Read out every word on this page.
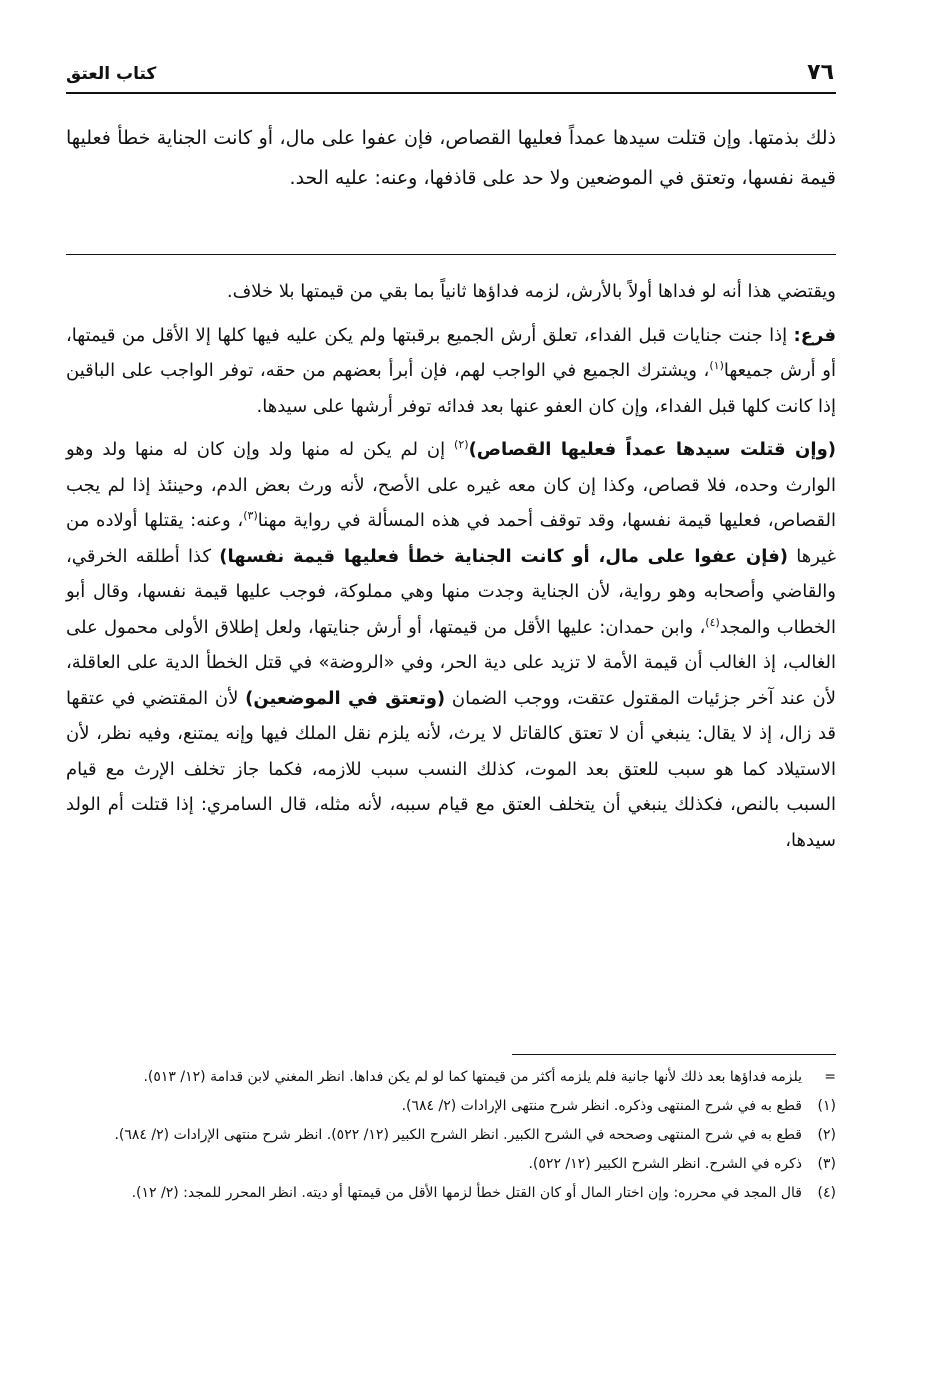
٧٦
كتاب العتق

ذلك بذمتها. وإن قتلت سيدها عمداً فعليها القصاص، فإن عفوا على مال، أو كانت الجناية خطأ فعليها قيمة نفسها، وتعتق في الموضعين ولا حد على قاذفها، وعنه: عليه الحد.

ويقتضي هذا أنه لو فداها أولاً بالأرش، لزمه فداؤها ثانياً بما بقي من قيمتها بلا خلاف.

فرع: إذا جنت جنايات قبل الفداء، تعلق أرش الجميع برقبتها ولم يكن عليه فيها كلها إلا الأقل من قيمتها، أو أرش جميعها$^{(١)}$، ويشترك الجميع في الواجب لهم، فإن أبرأ بعضهم من حقه، توفر الواجب على الباقين إذا كانت كلها قبل الفداء، وإن كان العفو عنها بعد فدائه توفر أرشها على سيدها.

(وإن قتلت سيدها عمداً فعليها القصاص)$^{(٢)}$ إن لم يكن له منها ولد وإن كان له منها ولد وهو الوارث وحده، فلا قصاص، وكذا إن كان معه غيره على الأصح، لأنه ورث بعض الدم، وحينئذ إذا لم يجب القصاص، فعليها قيمة نفسها، وقد توقف أحمد في هذه المسألة في رواية مهنا$^{(٣)}$، وعنه: يقتلها أولاده من غيرها (فإن عفوا على مال، أو كانت الجناية خطأ فعليها قيمة نفسها) كذا أطلقه الخرقي، والقاضي وأصحابه وهو رواية، لأن الجناية وجدت منها وهي مملوكة، فوجب عليها قيمة نفسها، وقال أبو الخطاب والمجد$^{(٤)}$، وابن حمدان: عليها الأقل من قيمتها، أو أرش جنايتها، ولعل إطلاق الأولى محمول على الغالب، إذ الغالب أن قيمة الأمة لا تزيد على دية الحر، وفي «الروضة» في قتل الخطأ الدية على العاقلة، لأن عند آخر جزئيات المقتول عتقت، ووجب الضمان (وتعتق في الموضعين) لأن المقتضي في عتقها قد زال، إذ لا يقال: ينبغي أن لا تعتق كالقاتل لا يرث، لأنه يلزم نقل الملك فيها وإنه يمتنع، وفيه نظر، لأن الاستيلاد كما هو سبب للعتق بعد الموت، كذلك النسب سبب للازمه، فكما جاز تخلف الإرث مع قيام السبب بالنص، فكذلك ينبغي أن يتخلف العتق مع قيام سببه، لأنه مثله، قال السامري: إذا قتلت أم الولد سيدها،

=
يلزمه فداؤها بعد ذلك لأنها جانية فلم يلزمه أكثر من قيمتها كما لو لم يكن فداها. انظر المغني لابن قدامة (١٢/ ٥١٣).
(١)
قطع به في شرح المنتهى وذكره. انظر شرح منتهى الإرادات (٢/ ٦٨٤).
(٢)
قطع به في شرح المنتهى وصححه في الشرح الكبير. انظر الشرح الكبير (١٢/ ٥٢٢). انظر شرح منتهى الإرادات (٢/ ٦٨٤).
(٣)
ذكره في الشرح. انظر الشرح الكبير (١٢/ ٥٢٢).
(٤)
قال المجد في محرره: وإن اختار المال أو كان القتل خطأ لزمها الأقل من قيمتها أو ديته. انظر المحرر للمجد: (٢/ ١٢).
